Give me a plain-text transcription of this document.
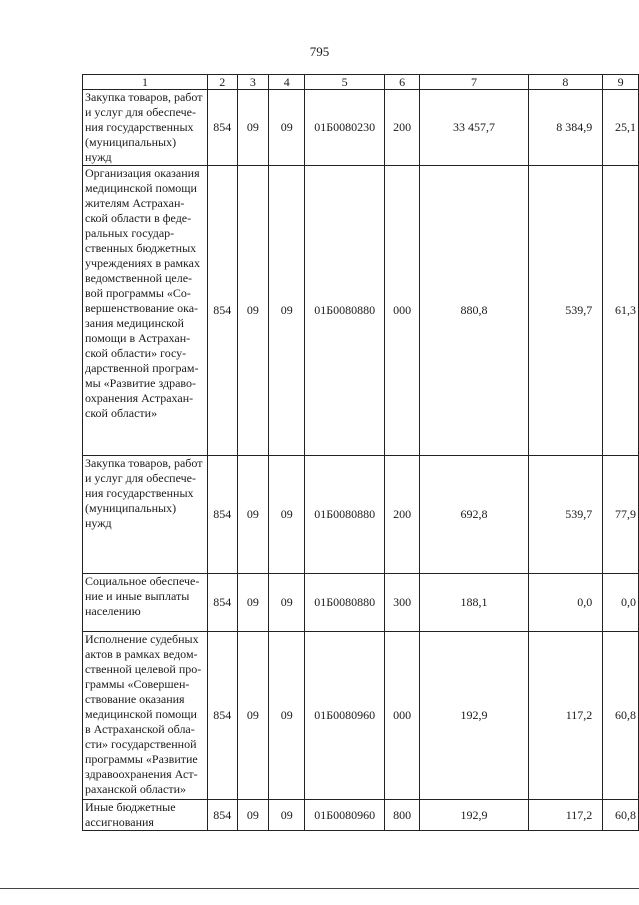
795
1	2	3	4	5	6	7	8	9
Закупка товаров, работ и услуг для обеспече-ния государственных (муниципальных) нужд	854	09	09	01Б0080230	200	33 457,7	8 384,9	25,1
Организация оказания медицинской помощи жителям Астрахан-ской области в феде-ральных государ-ственных бюджетных учреждениях в рамках ведомственной целе-вой программы «Со-вершенствование ока-зания медицинской помощи в Астрахан-ской области» госу-дарственной програм-мы «Развитие здраво-охранения Астрахан-ской области»	854	09	09	01Б0080880	000	880,8	539,7	61,3
Закупка товаров, работ и услуг для обеспече-ния государственных (муниципальных) нужд	854	09	09	01Б0080880	200	692,8	539,7	77,9
Социальное обеспече-ние и иные выплаты населению	854	09	09	01Б0080880	300	188,1	0,0	0,0
Исполнение судебных актов в рамках ведом-ственной целевой про-граммы «Совершен-ствование оказания медицинской помощи в Астраханской обла-сти» государственной программы «Развитие здравоохранения Аст-раханской области»	854	09	09	01Б0080960	000	192,9	117,2	60,8
Иные бюджетные ассигнования	854	09	09	01Б0080960	800	192,9	117,2	60,8
